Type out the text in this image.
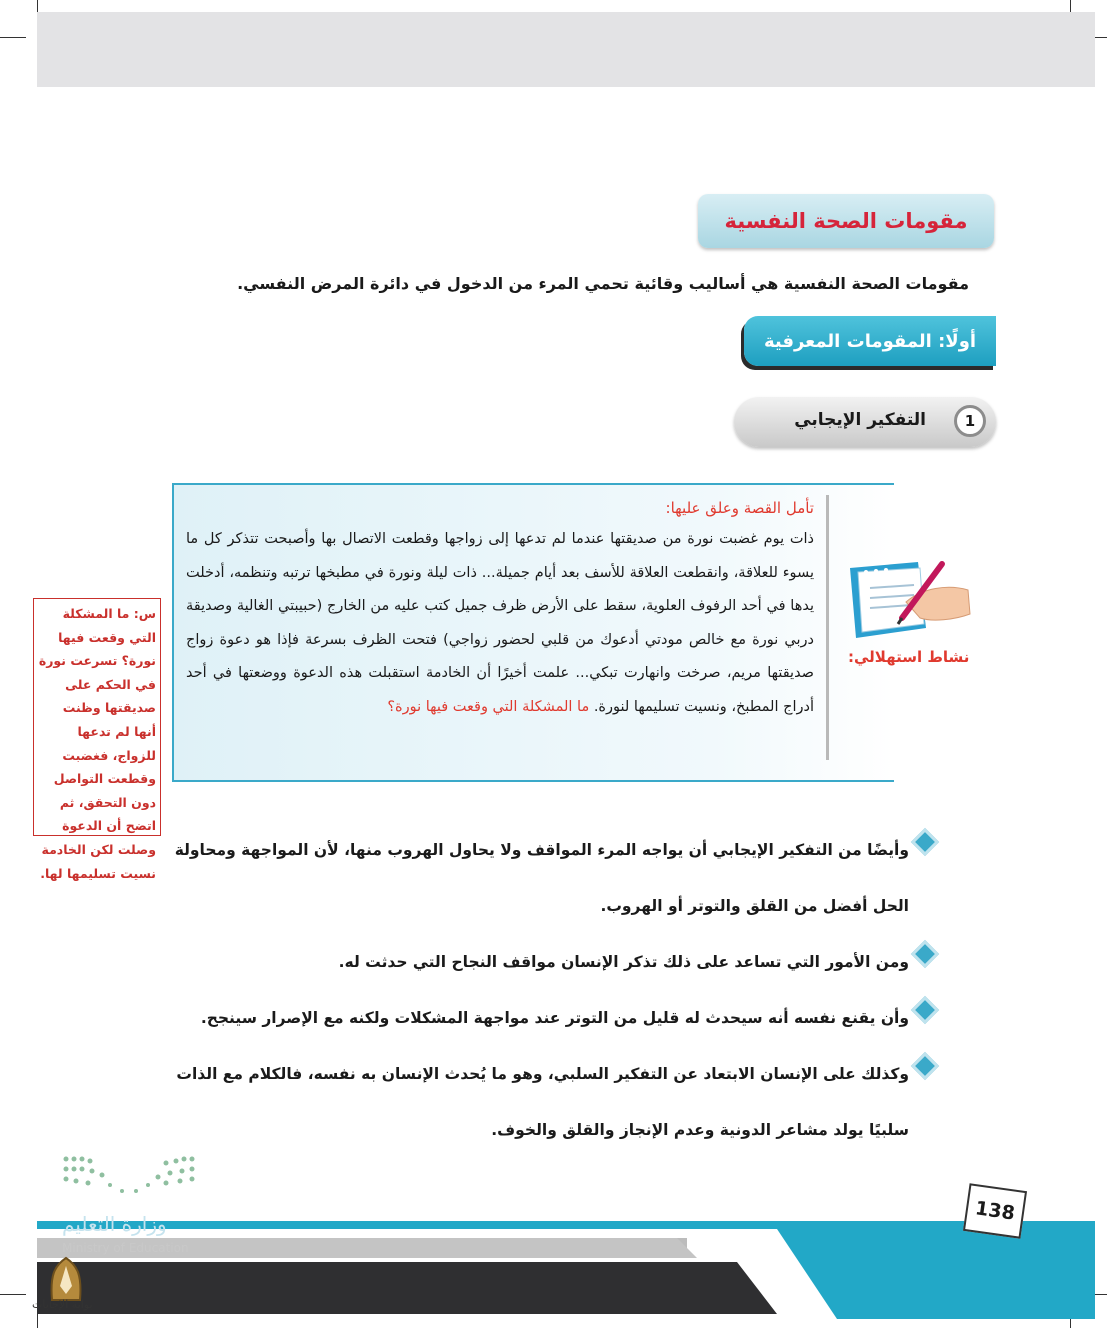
مقومات الصحة النفسية
مقومات الصحة النفسية هي أساليب وقائية تحمي المرء من الدخول في دائرة المرض النفسي.
أولًا: المقومات المعرفية
1
التفكير الإيجابي
تأمل القصة وعلق عليها:
ذات يوم غضبت نورة من صديقتها عندما لم تدعها إلى زواجها وقطعت الاتصال بها وأصبحت تتذكر كل ما يسوء للعلاقة، وانقطعت العلاقة للأسف بعد أيام جميلة... ذات ليلة ونورة في مطبخها ترتبه وتنظمه، أدخلت يدها في أحد الرفوف العلوية، سقط على الأرض ظرف جميل كتب عليه من الخارج (حبيبتي الغالية وصديقة دربي نورة مع خالص مودتي أدعوك من قلبي لحضور زواجي) فتحت الظرف بسرعة فإذا هو دعوة زواج صديقتها مريم، صرخت وانهارت تبكي... علمت أخيرًا أن الخادمة استقبلت هذه الدعوة ووضعتها في أحد أدراج المطبخ، ونسيت تسليمها لنورة. ما المشكلة التي وقعت فيها نورة؟
نشاط استهلالي:
س: ما المشكلة التي وقعت فيها نورة؟ تسرعت نورة في الحكم على صديقتها وظنت أنها لم تدعها للزواج، فغضبت وقطعت التواصل دون التحقق، ثم اتضح أن الدعوة وصلت لكن الخادمة نسيت تسليمها لها.
وأيضًا من التفكير الإيجابي أن يواجه المرء المواقف ولا يحاول الهروب منها، لأن المواجهة ومحاولة الحل أفضل من القلق والتوتر أو الهروب.
ومن الأمور التي تساعد على ذلك تذكر الإنسان مواقف النجاح التي حدثت له.
وأن يقنع نفسه أنه سيحدث له قليل من التوتر عند مواجهة المشكلات ولكنه مع الإصرار سينجح.
وكذلك على الإنسان الابتعاد عن التفكير السلبي، وهو ما يُحدث الإنسان به نفسه، فالكلام مع الذات سلبيًا يولد مشاعر الدونية وعدم الإنجاز والقلق والخوف.
وزارة التعليم
Ministry of Education
بوابة الإجابات
138
